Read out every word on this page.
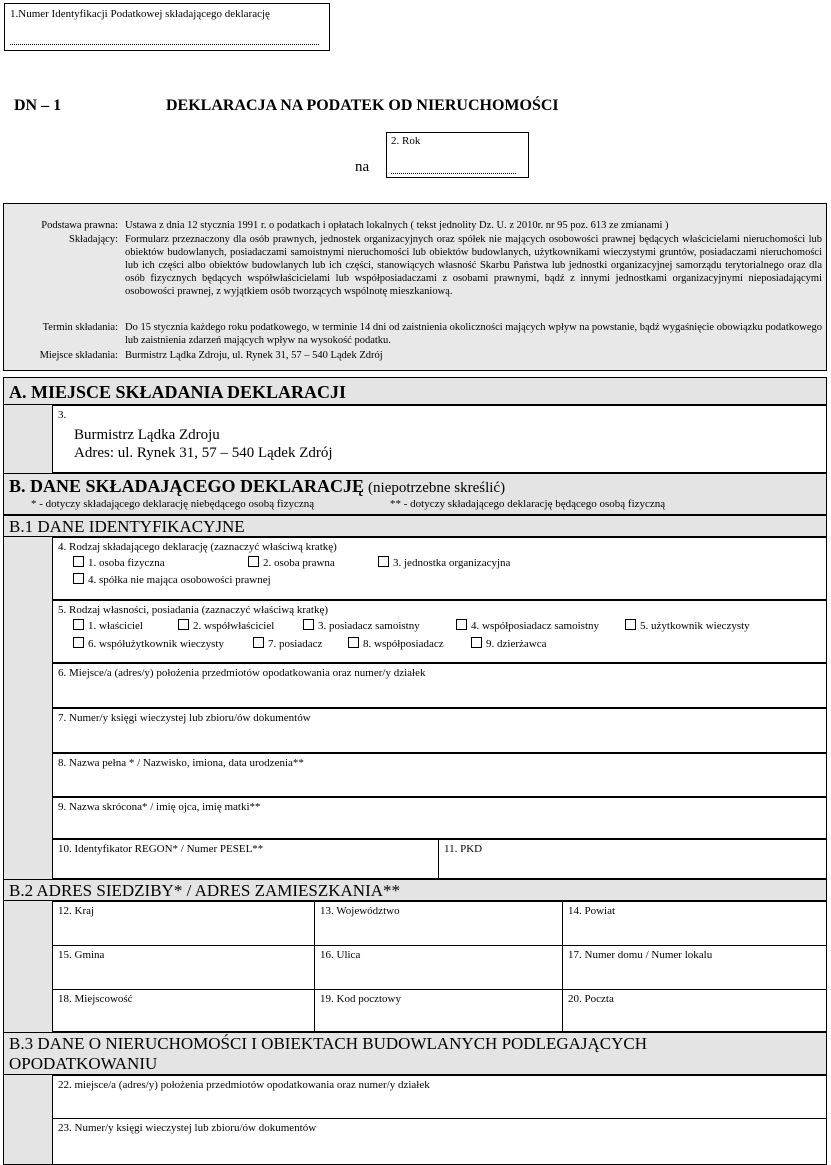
1.Numer Identyfikacji Podatkowej składającego deklarację
DN – 1	DEKLARACJA NA PODATEK OD NIERUCHOMOŚCI
na
2. Rok
Podstawa prawna: Ustawa z dnia 12 stycznia 1991 r. o podatkach i opłatach lokalnych ( tekst jednolity Dz. U. z 2010r. nr 95 poz. 613 ze zmianami )
Składający: Formularz przeznaczony dla osób prawnych, jednostek organizacyjnych oraz spółek nie mających osobowości prawnej będących właścicielami nieruchomości lub obiektów budowlanych, posiadaczami samoistnymi nieruchomości lub obiektów budowlanych, użytkownikami wieczystymi gruntów, posiadaczami nieruchomości lub ich części albo obiektów budowlanych lub ich części, stanowiących własność Skarbu Państwa lub jednostki organizacyjnej samorządu terytorialnego oraz dla osób fizycznych będących współwłaścicielami lub współposiadaczami z osobami prawnymi, bądź z innymi jednostkami organizacyjnymi nieposiadającymi osobowości prawnej, z wyjątkiem osób tworzących wspólnotę mieszkaniową.
Termin składania: Do 15 stycznia każdego roku podatkowego, w terminie 14 dni od zaistnienia okoliczności mających wpływ na powstanie, bądź wygaśnięcie obowiązku podatkowego lub zaistnienia zdarzeń mających wpływ na wysokość podatku.
Miejsce składania: Burmistrz Lądka Zdroju, ul. Rynek 31, 57 – 540 Lądek Zdrój
A. MIEJSCE SKŁADANIA DEKLARACJI
3.
Burmistrz Lądka Zdroju
Adres: ul. Rynek 31, 57 – 540 Lądek Zdrój
B. DANE SKŁADAJĄCEGO DEKLARACJĘ (niepotrzebne skreślić)
* - dotyczy składającego deklarację niebędącego osobą fizyczną	** - dotyczy składającego deklarację będącego osobą fizyczną
B.1 DANE IDENTYFIKACYJNE
4. Rodzaj składającego deklarację (zaznaczyć właściwą kratkę)
1. osoba fizyczna	2. osoba prawna	3. jednostka organizacyjna
4. spółka nie mająca osobowości prawnej
5. Rodzaj własności, posiadania (zaznaczyć właściwą kratkę)
1. właściciel	2. współwłaściciel	3. posiadacz samoistny	4. współposiadacz samoistny	5. użytkownik wieczysty
6. współużytkownik wieczysty	7. posiadacz	8. współposiadacz	9. dzierżawca
6. Miejsce/a (adres/y) położenia przedmiotów opodatkowania oraz numer/y działek
7. Numer/y księgi wieczystej lub zbioru/ów dokumentów
8. Nazwa pełna * / Nazwisko, imiona, data urodzenia**
9. Nazwa skrócona* / imię ojca, imię matki**
10. Identyfikator REGON* / Numer PESEL**	11. PKD
B.2 ADRES SIEDZIBY* / ADRES ZAMIESZKANIA**
12. Kraj	13. Województwo	14. Powiat
15. Gmina	16. Ulica	17. Numer domu / Numer lokalu
18. Miejscowość	19. Kod pocztowy	20. Poczta
B.3 DANE O NIERUCHOMOŚCI I OBIEKTACH BUDOWLANYCH PODLEGAJĄCYCH
OPODATKOWANIU
22. miejsce/a (adres/y) położenia przedmiotów opodatkowania oraz numer/y działek
23. Numer/y księgi wieczystej lub zbioru/ów dokumentów
